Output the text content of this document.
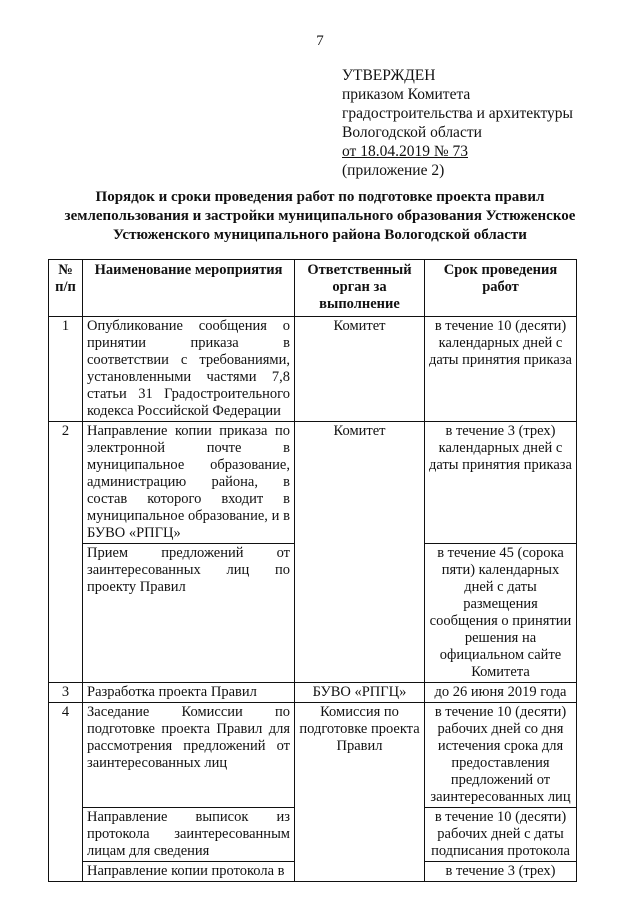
7
УТВЕРЖДЕН
приказом Комитета
градостроительства и архитектуры
Вологодской области
от 18.04.2019 № 73
(приложение 2)
Порядок и сроки проведения работ по подготовке проекта правил
землепользования и застройки муниципального образования Устюженское
Устюженского муниципального района Вологодской области
№ п/п	Наименование мероприятия	Ответственный орган за выполнение	Срок проведения работ
1	Опубликование сообщения о принятии приказа в соответствии с требованиями, установленными частями 7,8 статьи 31 Градостроительного кодекса Российской Федерации	Комитет	в течение 10 (десяти) календарных дней с даты принятия приказа
2	Направление копии приказа по электронной почте в муниципальное образование, администрацию района, в состав которого входит в муниципальное образование, и в БУВО «РПГЦ»	Комитет	в течение 3 (трех) календарных дней с даты принятия приказа
	Прием предложений от заинтересованных лиц по проекту Правил		в течение 45 (сорока пяти) календарных дней с даты размещения сообщения о принятии решения на официальном сайте Комитета
3	Разработка проекта Правил	БУВО «РПГЦ»	до 26 июня 2019 года
4	Заседание Комиссии по подготовке проекта Правил для рассмотрения предложений от заинтересованных лиц	Комиссия по подготовке проекта Правил	в течение 10 (десяти) рабочих дней со дня истечения срока для предоставления предложений от заинтересованных лиц
	Направление выписок из протокола заинтересованным лицам для сведения		в течение 10 (десяти) рабочих дней с даты подписания протокола
	Направление копии протокола в		в течение 3 (трех)
